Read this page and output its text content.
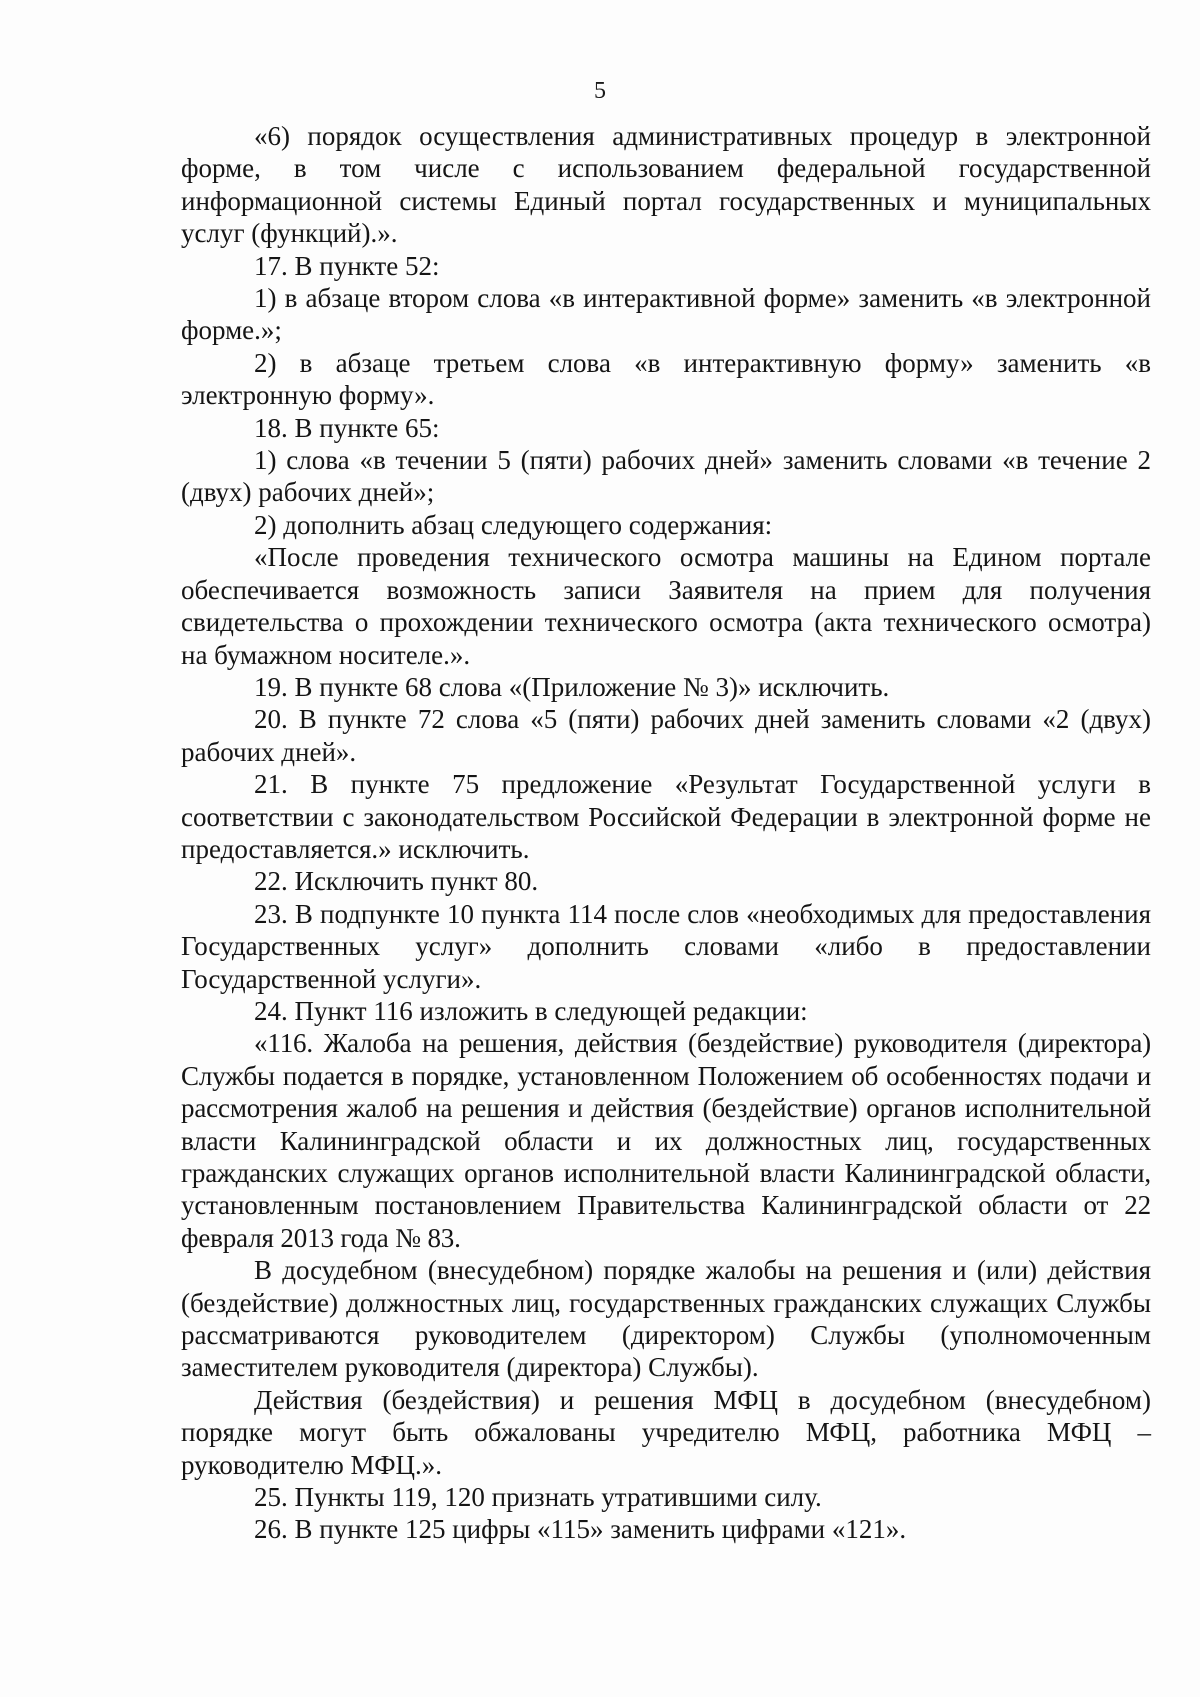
5

«6) порядок осуществления административных процедур в электронной форме, в том числе с использованием федеральной государственной информационной системы Единый портал государственных и муниципальных услуг (функций).».

17. В пункте 52:

1) в абзаце втором слова «в интерактивной форме» заменить «в электронной форме.»;

2) в абзаце третьем слова «в интерактивную форму» заменить «в электронную форму».

18. В пункте 65:

1) слова «в течении 5 (пяти) рабочих дней» заменить словами «в течение 2 (двух) рабочих дней»;

2) дополнить абзац следующего содержания:

«После проведения технического осмотра машины на Едином портале обеспечивается возможность записи Заявителя на прием для получения свидетельства о прохождении технического осмотра (акта технического осмотра) на бумажном носителе.».

19. В пункте 68 слова «(Приложение № 3)» исключить.

20. В пункте 72 слова «5 (пяти) рабочих дней заменить словами «2 (двух) рабочих дней».

21. В пункте 75 предложение «Результат Государственной услуги в соответствии с законодательством Российской Федерации в электронной форме не предоставляется.» исключить.

22. Исключить пункт 80.

23. В подпункте 10 пункта 114 после слов «необходимых для предоставления Государственных услуг» дополнить словами «либо в предоставлении Государственной услуги».

24. Пункт 116 изложить в следующей редакции:

«116. Жалоба на решения, действия (бездействие) руководителя (директора) Службы подается в порядке, установленном Положением об особенностях подачи и рассмотрения жалоб на решения и действия (бездействие) органов исполнительной власти Калининградской области и их должностных лиц, государственных гражданских служащих органов исполнительной власти Калининградской области, установленным постановлением Правительства Калининградской области от 22 февраля 2013 года № 83.

В досудебном (внесудебном) порядке жалобы на решения и (или) действия (бездействие) должностных лиц, государственных гражданских служащих Службы рассматриваются руководителем (директором) Службы (уполномоченным заместителем руководителя (директора) Службы).

Действия (бездействия) и решения МФЦ в досудебном (внесудебном) порядке могут быть обжалованы учредителю МФЦ, работника МФЦ – руководителю МФЦ.».

25. Пункты 119, 120 признать утратившими силу.

26. В пункте 125 цифры «115» заменить цифрами «121».
